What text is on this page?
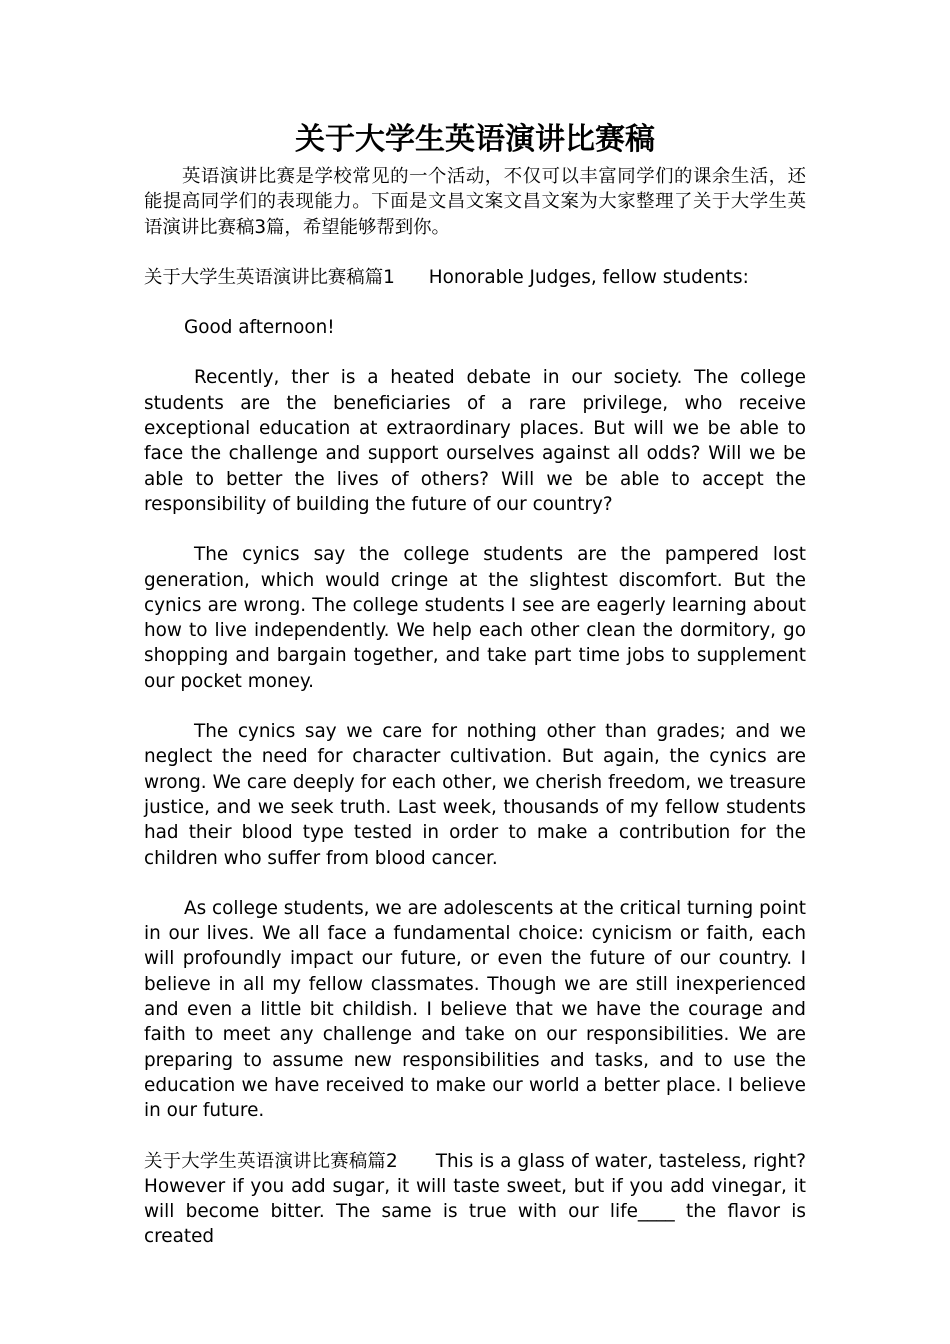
关于大学生英语演讲比赛稿

英语演讲比赛是学校常见的一个活动，不仅可以丰富同学们的课余生活，还能提高同学们的表现能力。下面是文昌文案文昌文案为大家整理了关于大学生英语演讲比赛稿3篇，希望能够帮到你。

关于大学生英语演讲比赛稿篇1 Honorable Judges, fellow students:

Good afternoon!

Recently, ther is a heated debate in our society. The college students are the beneficiaries of a rare privilege, who receive exceptional education at extraordinary places. But will we be able to face the challenge and support ourselves against all odds? Will we be able to better the lives of others? Will we be able to accept the responsibility of building the future of our country?

The cynics say the college students are the pampered lost generation, which would cringe at the slightest discomfort. But the cynics are wrong. The college students I see are eagerly learning about how to live independently. We help each other clean the dormitory, go shopping and bargain together, and take part time jobs to supplement our pocket money.

The cynics say we care for nothing other than grades; and we neglect the need for character cultivation. But again, the cynics are wrong. We care deeply for each other, we cherish freedom, we treasure justice, and we seek truth. Last week, thousands of my fellow students had their blood type tested in order to make a contribution for the children who suffer from blood cancer.

As college students, we are adolescents at the critical turning point in our lives. We all face a fundamental choice: cynicism or faith, each will profoundly impact our future, or even the future of our country. I believe in all my fellow classmates. Though we are still inexperienced and even a little bit childish. I believe that we have the courage and faith to meet any challenge and take on our responsibilities. We are preparing to assume new responsibilities and tasks, and to use the education we have received to make our world a better place. I believe in our future.

关于大学生英语演讲比赛稿篇2 This is a glass of water, tasteless, right? However if you add sugar, it will taste sweet, but if you add vinegar, it will become bitter. The same is true with our life____ the flavor is created
